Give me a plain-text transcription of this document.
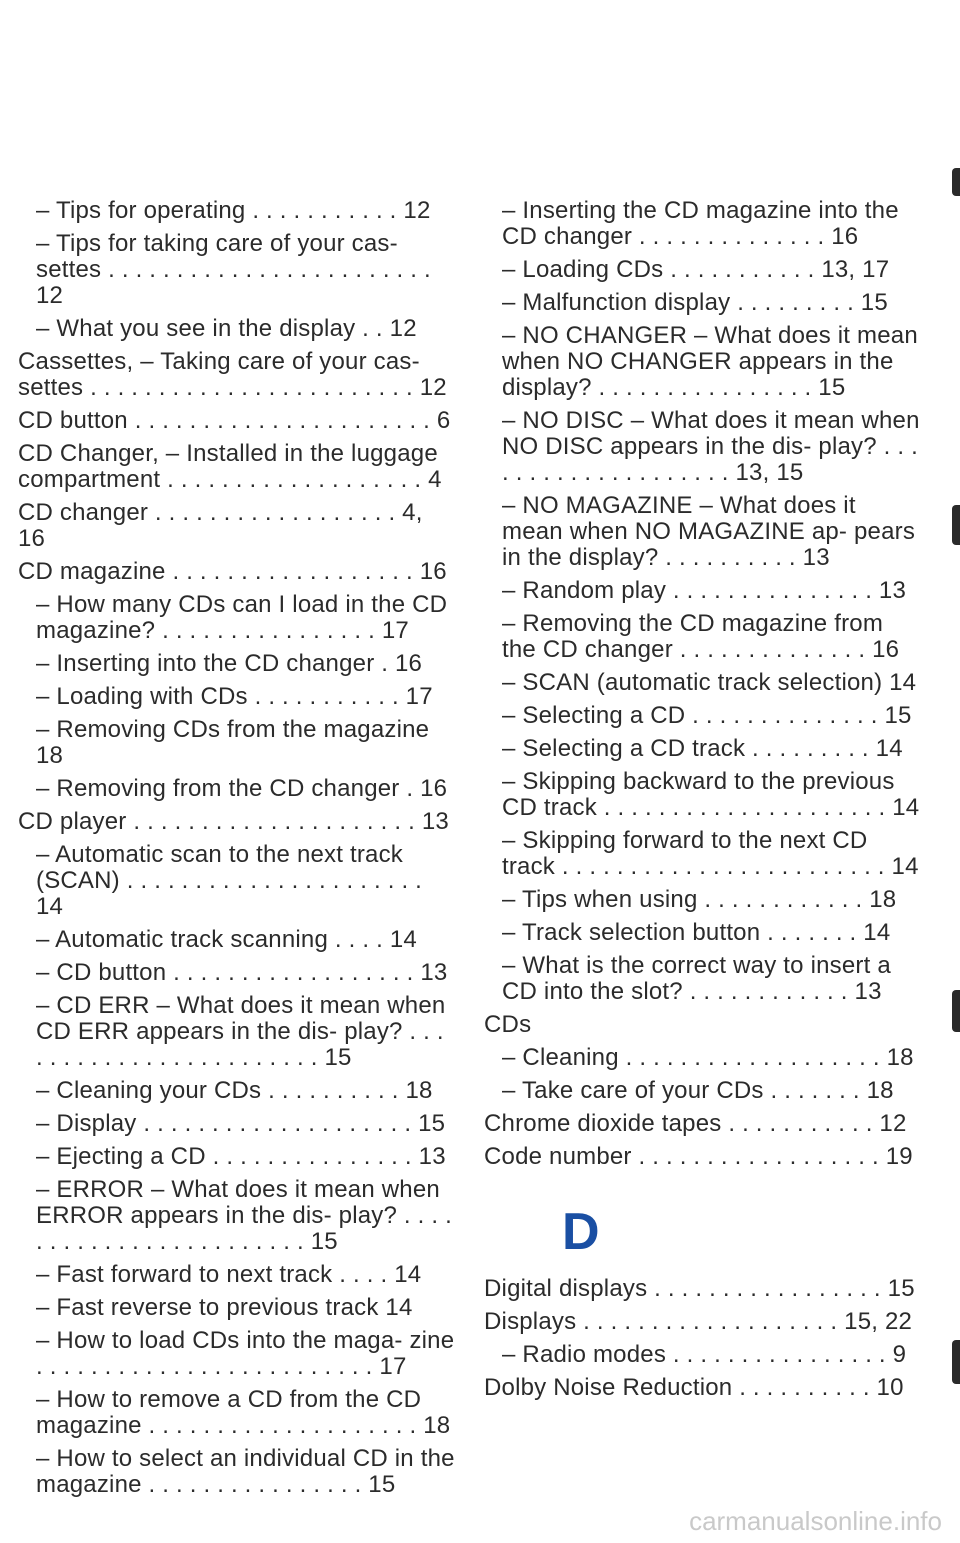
– Tips for operating . . . . . . . . . . . 12
– Tips for taking care of your cas- settes . . . . . . . . . . . . . . . . . . . . . . . . 12
– What you see in the display . . 12
Cassettes, – Taking care of your cas- settes . . . . . . . . . . . . . . . . . . . . . . . . 12
CD button . . . . . . . . . . . . . . . . . . . . . . 6
CD Changer, – Installed in the luggage compartment . . . . . . . . . . . . . . . . . . . 4
CD changer . . . . . . . . . . . . . . . . . . 4, 16
CD magazine . . . . . . . . . . . . . . . . . . 16
– How many CDs can I load in the CD magazine? . . . . . . . . . . . . . . . . 17
– Inserting into the CD changer . 16
– Loading with CDs . . . . . . . . . . . 17
– Removing CDs from the magazine 18
– Removing from the CD changer . 16
CD player . . . . . . . . . . . . . . . . . . . . . 13
– Automatic scan to the next track (SCAN) . . . . . . . . . . . . . . . . . . . . . . 14
– Automatic track scanning . . . . 14
– CD button . . . . . . . . . . . . . . . . . . 13
– CD ERR – What does it mean when CD ERR appears in the dis- play? . . . . . . . . . . . . . . . . . . . . . . . . 15
– Cleaning your CDs . . . . . . . . . . 18
– Display . . . . . . . . . . . . . . . . . . . . 15
– Ejecting a CD . . . . . . . . . . . . . . . 13
– ERROR – What does it mean when ERROR appears in the dis- play? . . . . . . . . . . . . . . . . . . . . . . . . 15
– Fast forward to next track . . . . 14
– Fast reverse to previous track 14
– How to load CDs into the maga- zine . . . . . . . . . . . . . . . . . . . . . . . . . 17
– How to remove a CD from the CD magazine . . . . . . . . . . . . . . . . . . . . 18
– How to select an individual CD in the magazine . . . . . . . . . . . . . . . . 15
– Inserting the CD magazine into the CD changer . . . . . . . . . . . . . . 16
– Loading CDs . . . . . . . . . . . 13, 17
– Malfunction display . . . . . . . . . 15
– NO CHANGER – What does it mean when NO CHANGER appears in the display? . . . . . . . . . . . . . . . . 15
– NO DISC – What does it mean when NO DISC appears in the dis- play? . . . . . . . . . . . . . . . . . . . . 13, 15
– NO MAGAZINE – What does it mean when NO MAGAZINE ap- pears in the display? . . . . . . . . . . 13
– Random play . . . . . . . . . . . . . . . 13
– Removing the CD magazine from the CD changer . . . . . . . . . . . . . . 16
– SCAN (automatic track selection) 14
– Selecting a CD . . . . . . . . . . . . . . 15
– Selecting a CD track . . . . . . . . . 14
– Skipping backward to the previous CD track . . . . . . . . . . . . . . . . . . . . . 14
– Skipping forward to the next CD track . . . . . . . . . . . . . . . . . . . . . . . . 14
– Tips when using . . . . . . . . . . . . 18
– Track selection button . . . . . . . 14
– What is the correct way to insert a CD into the slot? . . . . . . . . . . . . 13
CDs
– Cleaning . . . . . . . . . . . . . . . . . . . 18
– Take care of your CDs . . . . . . . 18
Chrome dioxide tapes . . . . . . . . . . . 12
Code number . . . . . . . . . . . . . . . . . . 19
D
Digital displays . . . . . . . . . . . . . . . . . 15
Displays . . . . . . . . . . . . . . . . . . . 15, 22
– Radio modes . . . . . . . . . . . . . . . . 9
Dolby Noise Reduction . . . . . . . . . . 10
carmanualsonline.info
